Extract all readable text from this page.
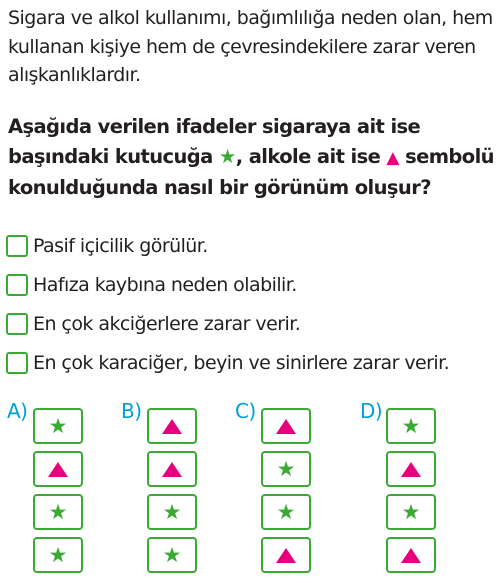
Sigara ve alkol kullanımı, bağımlılığa neden olan, hem kullanan kişiye hem de çevresindekilere zarar veren alışkanlıklardır.
Aşağıda verilen ifadeler sigaraya ait ise başındaki kutucuğa ★, alkole ait ise ▲ sembolü konulduğunda nasıl bir görünüm oluşur?
Pasif içicilik görülür.
Hafıza kaybına neden olabilir.
En çok akciğerlere zarar verir.
En çok karaciğer, beyin ve sinirlere zarar verir.
A)
★
★
★
B)
★
★
C)
★
★
D)
★
★
